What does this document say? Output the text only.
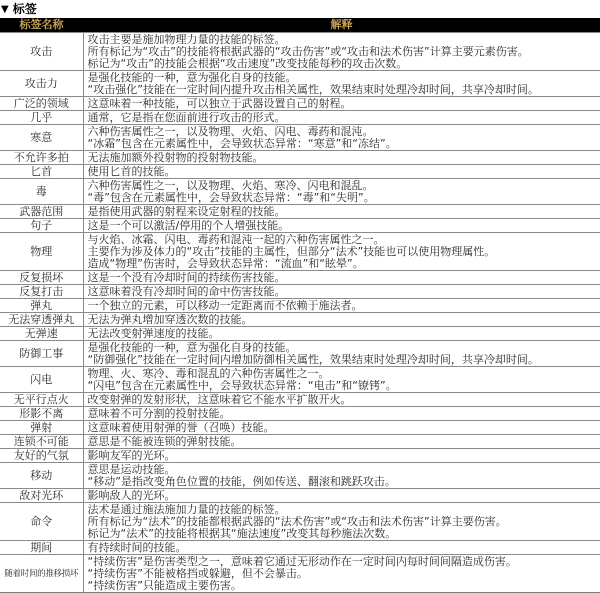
▼ 标签
标签名称	解释

攻击	攻击主要是施加物理力量的技能的标签。
所有标记为“攻击”的技能将根据武器的“攻击伤害”或“攻击和法术伤害”计算主要元素伤害。
标记为“攻击”的技能会根据“攻击速度”改变技能每秒的攻击次数。

攻击力	是强化技能的一种，意为强化自身的技能。
“攻击强化”技能在一定时间内提升攻击相关属性，效果结束时处理冷却时间，共享冷却时间。

广泛的领域	这意味着一种技能，可以独立于武器设置自己的射程。

几乎	通常，它是指在您面前进行攻击的形式。

寒意	六种伤害属性之一，以及物理、火焰、闪电、毒药和混沌。
“冰霜”包含在元素属性中，会导致状态异常：“寒意”和“冻结”。

不允许多拍	无法施加额外投射物的投射物技能。

匕首	使用匕首的技能。

毒	六种伤害属性之一，以及物理、火焰、寒冷、闪电和混乱。
“毒”包含在元素属性中，会导致状态异常：“毒”和“失明”。

武器范围	是指使用武器的射程来设定射程的技能。

句子	这是一个可以激活/停用的个人增强技能。

物理	与火焰、冰霜、闪电、毒药和混沌一起的六种伤害属性之一。
主要作为涉及体力的“攻击”技能的主属性，但部分“法术”技能也可以使用物理属性。
造成“物理”伤害时，会导致状态异常：“流血”和“眩晕”。

反复损坏	这是一个没有冷却时间的持续伤害技能。

反复打击	这意味着没有冷却时间的命中伤害技能。

弹丸	一个独立的元素，可以移动一定距离而不依赖于施法者。

无法穿透弹丸	无法为弹丸增加穿透次数的技能。

无弹速	无法改变射弹速度的技能。

防御工事	是强化技能的一种，意为强化自身的技能。
“防御强化”技能在一定时间内增加防御相关属性，效果结束时处理冷却时间，共享冷却时间。

闪电	物理、火、寒冷、毒和混乱的六种伤害属性之一。
“闪电”包含在元素属性中，会导致状态异常：“电击”和“镣铐”。

无平行点火	改变射弹的发射形状，这意味着它不能水平扩散开火。

形影不离	意味着不可分割的投射技能。

弹射	这意味着使用射弹的誉（召唤）技能。

连锁不可能	意思是不能被连锁的弹射技能。

友好的气氛	影响友军的光环。

移动	意思是运动技能。
“移动”是指改变角色位置的技能，例如传送、翻滚和跳跃攻击。

敌对光环	影响敌人的光环。

命令	法术是通过施法施加力量的技能的标签。
所有标记为“法术”的技能都根据武器的“法术伤害”或“攻击和法术伤害”计算主要伤害。
标记为“法术”的技能将根据其“施法速度”改变其每秒施法次数。

期间	有持续时间的技能。

随着时间的推移损坏	“持续伤害”是伤害类型之一，意味着它通过无形动作在一定时间内每时间间隔造成伤害。
“持续伤害”不能被格挡或躲避，但不会暴击。
“持续伤害”只能造成主要伤害。
